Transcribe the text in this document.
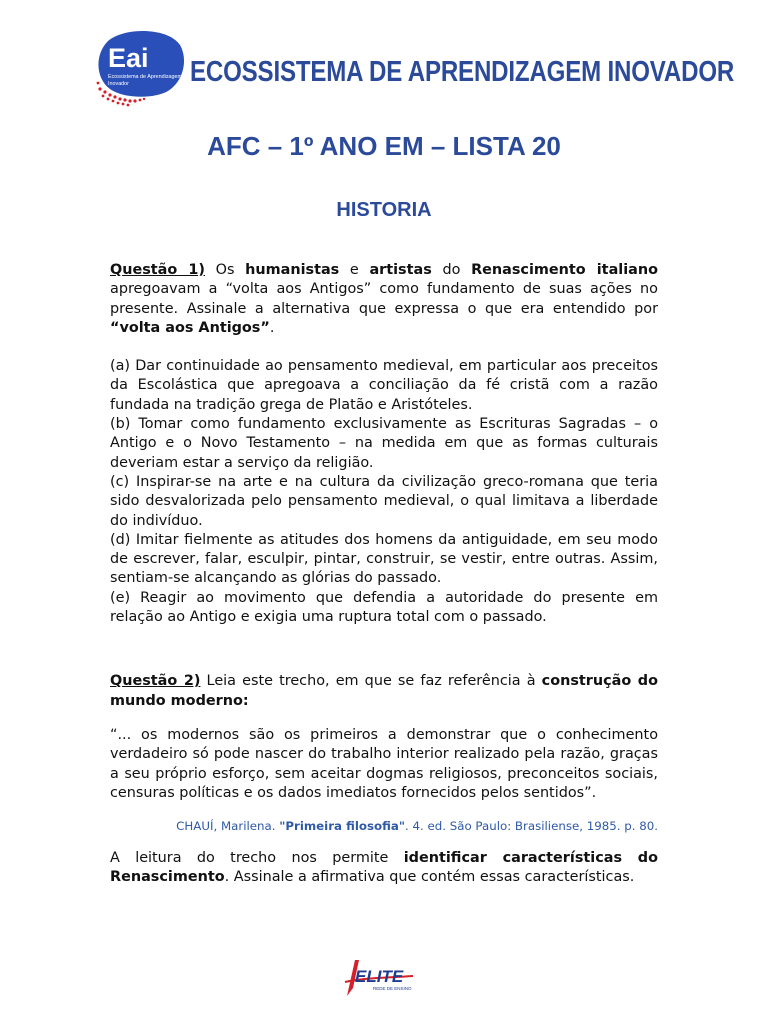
Eai
Ecossistema de Aprendizagem
Inovador ECOSSISTEMA DE APRENDIZAGEM INOVADOR
AFC – 1º ANO EM – LISTA 20
HISTORIA

Questão 1) Os humanistas e artistas do Renascimento italiano apregoavam a “volta aos Antigos” como fundamento de suas ações no presente. Assinale a alternativa que expressa o que era entendido por “volta aos Antigos”.

(a) Dar continuidade ao pensamento medieval, em particular aos preceitos da Escolástica que apregoava a conciliação da fé cristã com a razão fundada na tradição grega de Platão e Aristóteles.

(b) Tomar como fundamento exclusivamente as Escrituras Sagradas – o Antigo e o Novo Testamento – na medida em que as formas culturais deveriam estar a serviço da religião.

(c) Inspirar-se na arte e na cultura da civilização greco-romana que teria sido desvalorizada pelo pensamento medieval, o qual limitava a liberdade do indivíduo.

(d) Imitar fielmente as atitudes dos homens da antiguidade, em seu modo de escrever, falar, esculpir, pintar, construir, se vestir, entre outras. Assim, sentiam-se alcançando as glórias do passado.

(e) Reagir ao movimento que defendia a autoridade do presente em relação ao Antigo e exigia uma ruptura total com o passado.

Questão 2) Leia este trecho, em que se faz referência à construção do mundo moderno:

“... os modernos são os primeiros a demonstrar que o conhecimento verdadeiro só pode nascer do trabalho interior realizado pela razão, graças a seu próprio esforço, sem aceitar dogmas religiosos, preconceitos sociais, censuras políticas e os dados imediatos fornecidos pelos sentidos”.

CHAUÍ, Marilena. "Primeira filosofia". 4. ed. São Paulo: Brasiliense, 1985. p. 80.

A leitura do trecho nos permite identificar características do Renascimento. Assinale a afirmativa que contém essas características.

ELITE
REDE DE ENSINO
